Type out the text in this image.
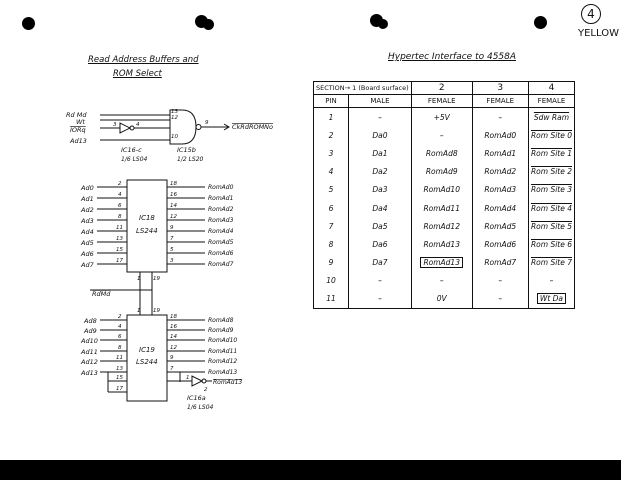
4
YELLOW
Read Address Buffers and
ROM Select
Rd Md
Wt
IORq
Ad13
13
12
10
9
3	4	CkRdROMNo
IC16-c
1/6 LS04
IC15b
1/2 LS20
IC18
LS244
Ad0
Ad1
Ad2
Ad3
Ad4
Ad5
Ad6
Ad7
2
4
6
8
11
13
15
17
18
16
14
12
9
7
5
3
RomAd0
RomAd1
RomAd2
RomAd3
RomAd4
RomAd5
RomAd6
RomAd7
1 19
RdMd
1 19
IC19
LS244
Ad8
Ad9
Ad10
Ad11
Ad12
Ad13
2
4
6
8
11
13
15
17
18
16
14
12
9
7
RomAd8
RomAd9
RomAd10
RomAd11
RomAd12
RomAd13
RomAd13
1
2
IC16a
1/6 LS04
Hypertec Interface to 4558A
SECTION→ 1 (Board surface)		2	3	4
PIN	MALE	FEMALE	FEMALE	FEMALE
1	–	+5V	–	Sdw Ram
2	Da0	–	RomAd0	Rom Site 0
3	Da1	RomAd8	RomAd1	Rom Site 1
4	Da2	RomAd9	RomAd2	Rom Site 2
5	Da3	RomAd10	RomAd3	Rom Site 3
6	Da4	RomAd11	RomAd4	Rom Site 4
7	Da5	RomAd12	RomAd5	Rom Site 5
8	Da6	RomAd13	RomAd6	Rom Site 6
9	Da7	RomAd13	RomAd7	Rom Site 7
10	–	–	–	–
11	–	0V	–	Wt Da
